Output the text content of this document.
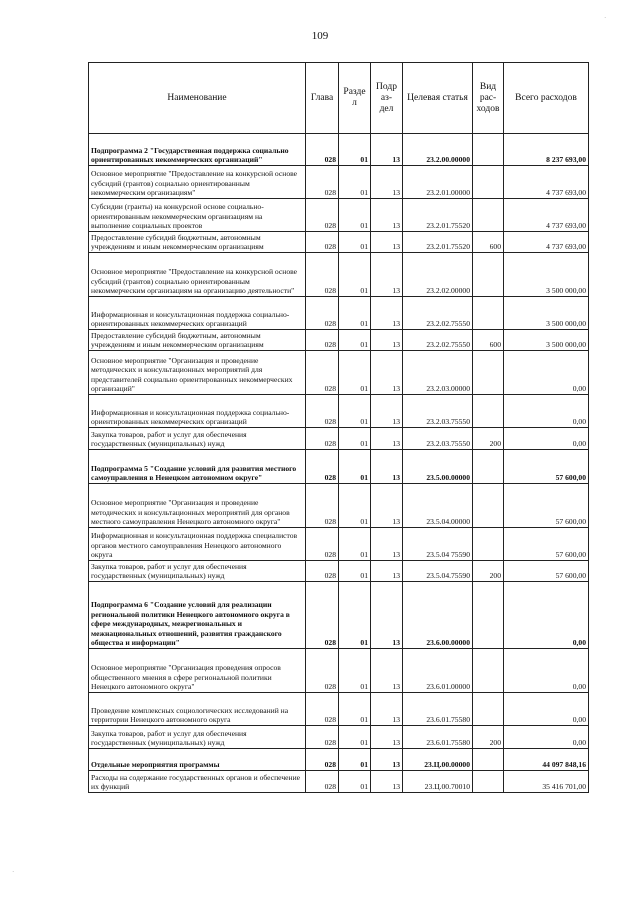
109
·
·
Наименование	Глава	Разде л	Подр аз- дел	Целевая статья	Вид рас- ходов	Всего расходов
Подпрограмма 2 "Государственная поддержка социально ориентированных некоммерческих организаций"	028	01	13	23.2.00.00000		8 237 693,00
Основное мероприятие "Предоставление на конкурсной основе субсидий (грантов) социально ориентированным некоммерческим организациям"	028	01	13	23.2.01.00000		4 737 693,00
Субсидии (гранты) на конкурсной основе социально-ориентированным некоммерческим организациям на выполнение социальных проектов	028	01	13	23.2.01.75520		4 737 693,00
Предоставление субсидий бюджетным, автономным учреждениям и иным некоммерческим организациям	028	01	13	23.2.01.75520	600	4 737 693,00
Основное мероприятие "Предоставление на конкурсной основе субсидий (грантов) социально ориентированным некоммерческим организациям на организацию деятельности"	028	01	13	23.2.02.00000		3 500 000,00
Информационная и консультационная поддержка социально-ориентированных некоммерческих организаций	028	01	13	23.2.02.75550		3 500 000,00
Предоставление субсидий бюджетным, автономным учреждениям и иным некоммерческим организациям	028	01	13	23.2.02.75550	600	3 500 000,00
Основное мероприятие "Организация и проведение методических и консультационных мероприятий для представителей социально ориентированных некоммерческих организаций"	028	01	13	23.2.03.00000		0,00
Информационная и консультационная поддержка социально-ориентированных некоммерческих организаций	028	01	13	23.2.03.75550		0,00
Закупка товаров, работ и услуг для обеспечения государственных (муниципальных) нужд	028	01	13	23.2.03.75550	200	0,00
Подпрограмма 5 "Создание условий для развития местного самоуправления в Ненецком автономном округе"	028	01	13	23.5.00.00000		57 600,00
Основное мероприятие "Организация и проведение методических и консультационных мероприятий для органов местного самоуправления Ненецкого автономного округа"	028	01	13	23.5.04.00000		57 600,00
Информационная и консультационная поддержка специалистов органов местного самоуправления Ненецкого автономного округа	028	01	13	23.5.04 75590		57 600,00
Закупка товаров, работ и услуг для обеспечения государственных (муниципальных) нужд	028	01	13	23.5.04.75590	200	57 600,00
Подпрограмма 6 "Создание условий для реализации региональной политики Ненецкого автономного округа в сфере международных, межрегиональных и межнациональных отношений, развития гражданского общества и информации"	028	01	13	23.6.00.00000		0,00
Основное мероприятие "Организация проведения опросов общественного мнения в сфере региональной политики Ненецкого автономного округа"	028	01	13	23.6.01.00000		0,00
Проведение комплексных социологических исследований на территории Ненецкого автономного округа	028	01	13	23.6.01.75580		0,00
Закупка товаров, работ и услуг для обеспечения государственных (муниципальных) нужд	028	01	13	23.6.01.75580	200	0,00
Отдельные мероприятия программы	028	01	13	23.Ц.00.00000		44 097 848,16
Расходы на содержание государственных органов и обеспечение их функций	028	01	13	23.Ц.00.70010		35 416 701,00
